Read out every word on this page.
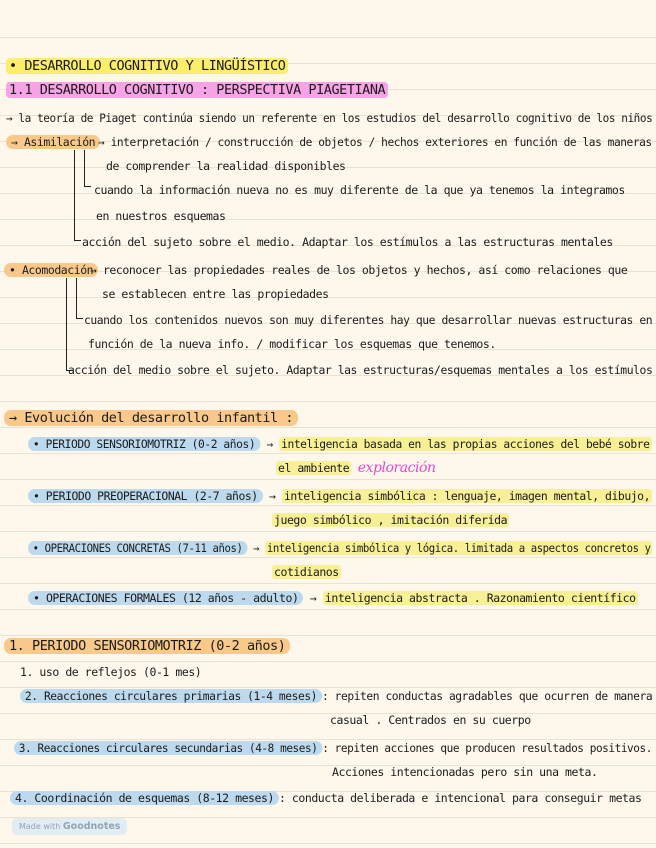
• DESARROLLO COGNITIVO Y LINGÜÍSTICO
1.1 DESARROLLO COGNITIVO : PERSPECTIVA PIAGETIANA
→ la teoría de Piaget continúa siendo un referente en los estudios del desarrollo cognitivo de los niños
→ Asimilación → interpretación / construcción de objetos / hechos exteriores en función de las maneras
de comprender la realidad disponibles
cuando la información nueva no es muy diferente de la que ya tenemos la integramos
en nuestros esquemas
acción del sujeto sobre el medio. Adaptar los estímulos a las estructuras mentales
• Acomodación
→ reconocer las propiedades reales de los objetos y hechos, así como relaciones que
se establecen entre las propiedades
cuando los contenidos nuevos son muy diferentes hay que desarrollar nuevas estructuras en
función de la nueva info. / modificar los esquemas que tenemos.
acción del medio sobre el sujeto. Adaptar las estructuras/esquemas mentales a los estímulos
→ Evolución del desarrollo infantil :
• PERIODO SENSORIOMOTRIZ (0-2 años) → inteligencia basada en las propias acciones del bebé sobre
el ambiente exploración
• PERIODO PREOPERACIONAL (2-7 años) → inteligencia simbólica : lenguaje, imagen mental, dibujo,
juego simbólico , imitación diferida
• OPERACIONES CONCRETAS (7-11 años) → inteligencia simbólica y lógica. limitada a aspectos concretos y
cotidianos
• OPERACIONES FORMALES (12 años - adulto) → inteligencia abstracta . Razonamiento científico
1. PERIODO SENSORIOMOTRIZ (0-2 años)
1. uso de reflejos (0-1 mes)
2. Reacciones circulares primarias (1-4 meses) : repiten conductas agradables que ocurren de manera
casual . Centrados en su cuerpo
3. Reacciones circulares secundarias (4-8 meses) : repiten acciones que producen resultados positivos.
Acciones intencionadas pero sin una meta.
4. Coordinación de esquemas (8-12 meses) : conducta deliberada e intencional para conseguir metas
Made with Goodnotes
